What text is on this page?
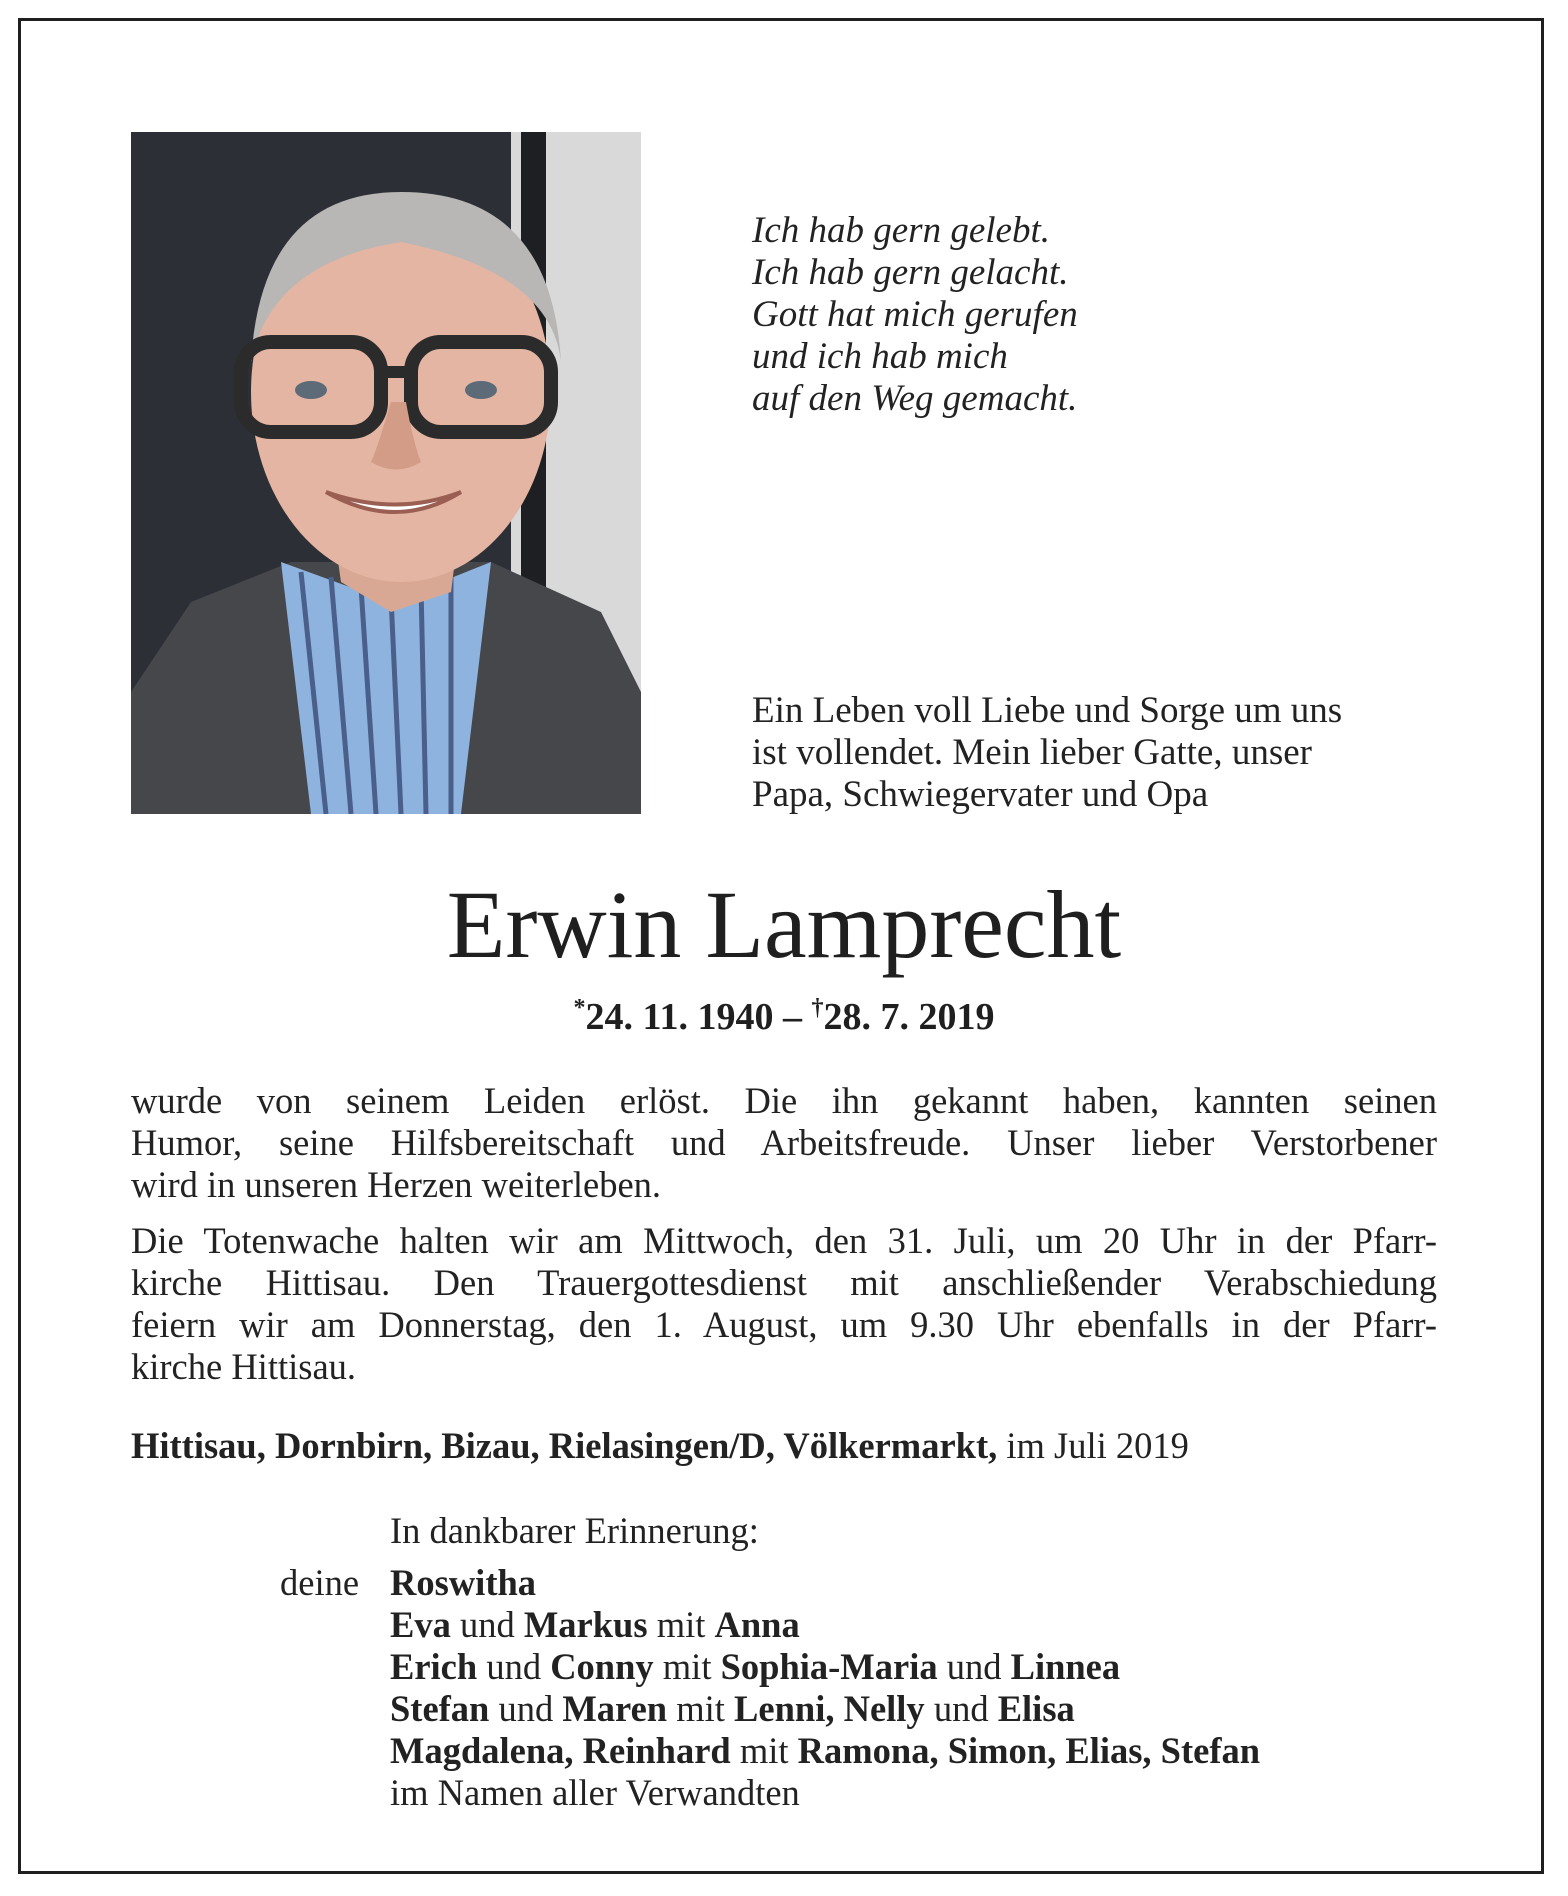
Ich hab gern gelebt.
Ich hab gern gelacht.
Gott hat mich gerufen
und ich hab mich
auf den Weg gemacht.
Ein Leben voll Liebe und Sorge um uns
ist vollendet. Mein lieber Gatte, unser
Papa, Schwiegervater und Opa
Erwin Lamprecht
*24. 11. 1940 – †28. 7. 2019
wurde von seinem Leiden erlöst. Die ihn gekannt haben, kannten seinen
Humor, seine Hilfsbereitschaft und Arbeitsfreude. Unser lieber Verstorbener
wird in unseren Herzen weiterleben.
Die Totenwache halten wir am Mittwoch, den 31. Juli, um 20 Uhr in der Pfarr-
kirche Hittisau. Den Trauergottesdienst mit anschließender Verabschiedung
feiern wir am Donnerstag, den 1. August, um 9.30 Uhr ebenfalls in der Pfarr-
kirche Hittisau.
Hittisau, Dornbirn, Bizau, Rielasingen/D, Völkermarkt, im Juli 2019
In dankbarer Erinnerung:
deine Roswitha
Eva und Markus mit Anna
Erich und Conny mit Sophia-Maria und Linnea
Stefan und Maren mit Lenni, Nelly und Elisa
Magdalena, Reinhard mit Ramona, Simon, Elias, Stefan
im Namen aller Verwandten
